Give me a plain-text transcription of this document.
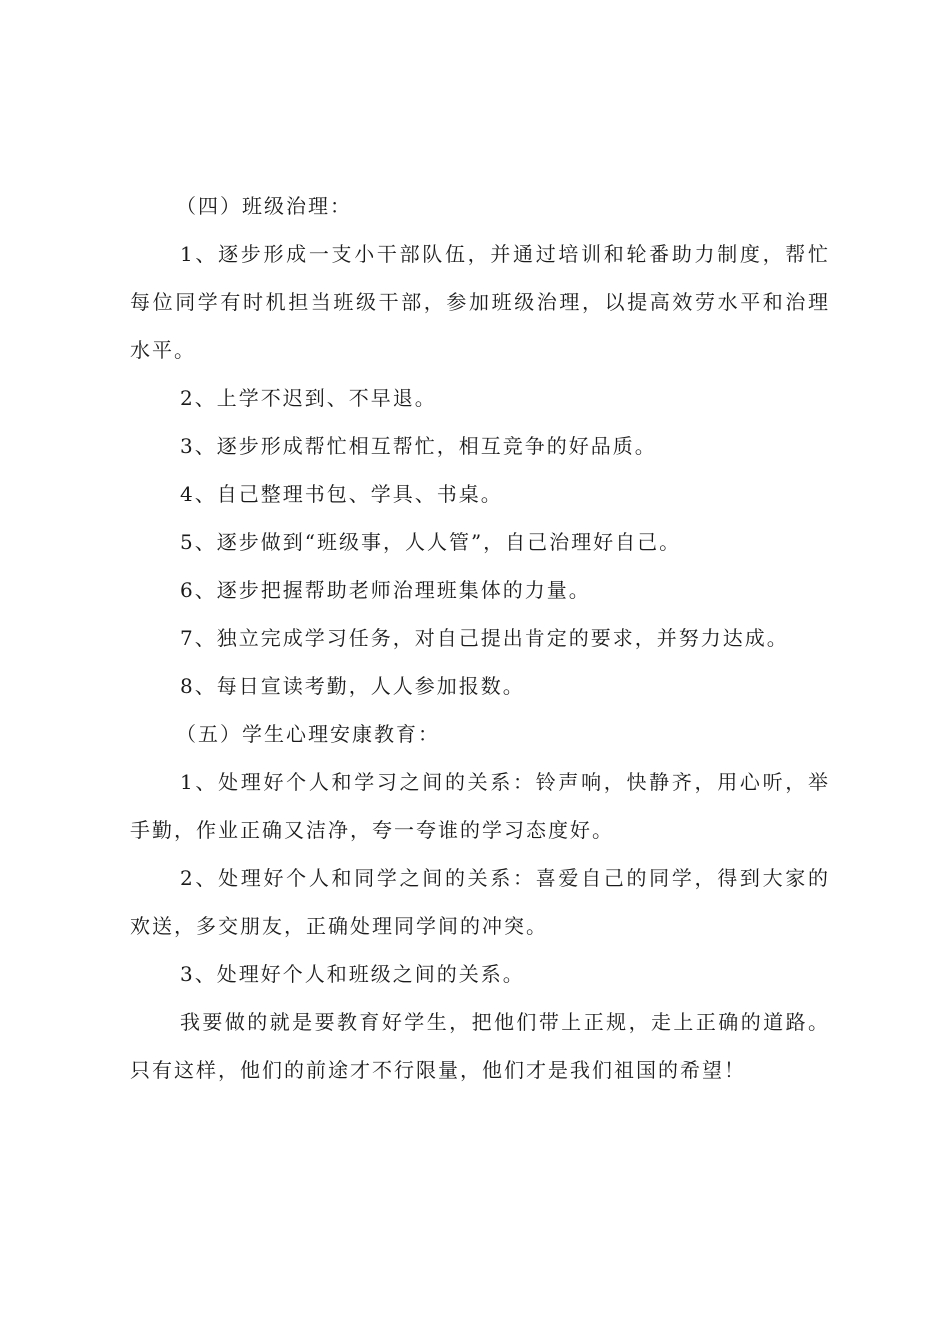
（四）班级治理：

1、逐步形成一支小干部队伍，并通过培训和轮番助力制度，帮忙每位同学有时机担当班级干部，参加班级治理，以提高效劳水平和治理水平。

2、上学不迟到、不早退。

3、逐步形成帮忙相互帮忙，相互竞争的好品质。

4、自己整理书包、学具、书桌。

5、逐步做到“班级事，人人管”，自己治理好自己。

6、逐步把握帮助老师治理班集体的力量。

7、独立完成学习任务，对自己提出肯定的要求，并努力达成。

8、每日宣读考勤，人人参加报数。

（五）学生心理安康教育：

1、处理好个人和学习之间的关系：铃声响，快静齐，用心听，举手勤，作业正确又洁净，夸一夸谁的学习态度好。

2、处理好个人和同学之间的关系：喜爱自己的同学，得到大家的欢送，多交朋友，正确处理同学间的冲突。

3、处理好个人和班级之间的关系。

我要做的就是要教育好学生，把他们带上正规，走上正确的道路。只有这样，他们的前途才不行限量，他们才是我们祖国的希望！
